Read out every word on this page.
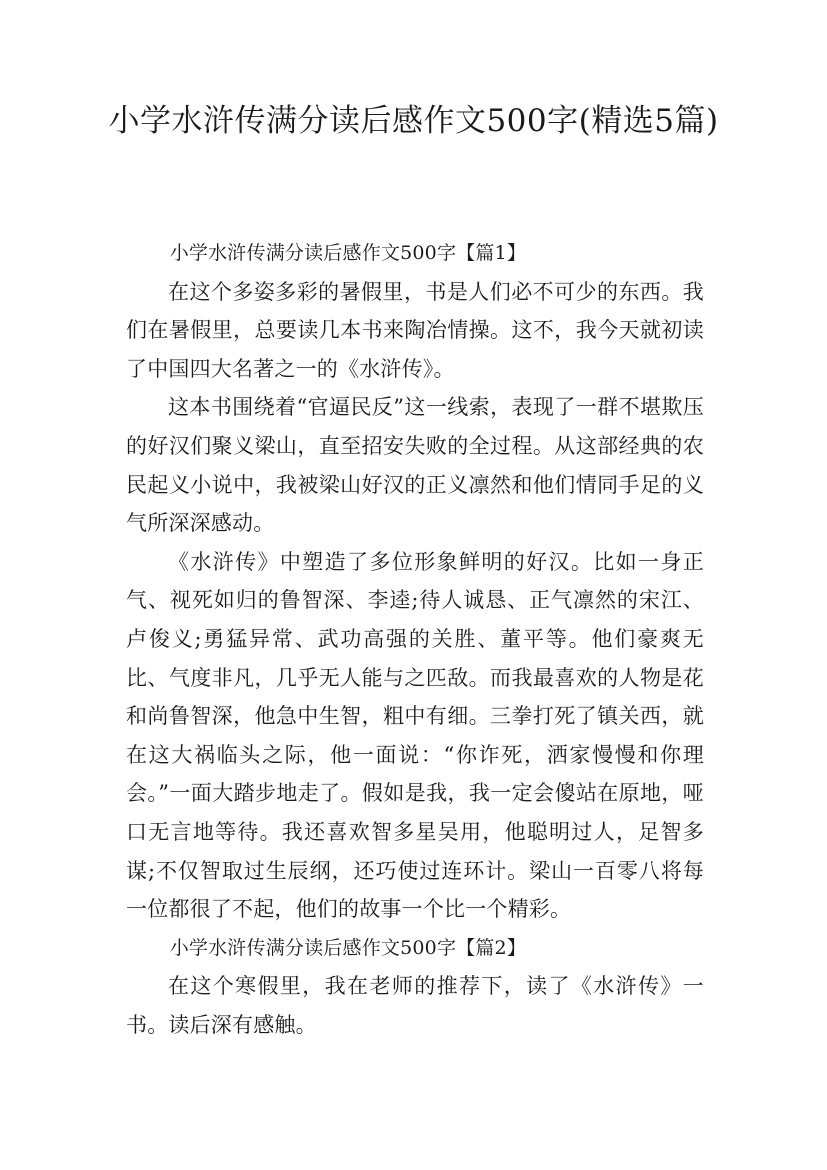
小学水浒传满分读后感作文500字(精选5篇)

小学水浒传满分读后感作文500字【篇1】

在这个多姿多彩的暑假里，书是人们必不可少的东西。我们在暑假里，总要读几本书来陶冶情操。这不，我今天就初读了中国四大名著之一的《水浒传》。

这本书围绕着“官逼民反”这一线索，表现了一群不堪欺压的好汉们聚义梁山，直至招安失败的全过程。从这部经典的农民起义小说中，我被梁山好汉的正义凛然和他们情同手足的义气所深深感动。

《水浒传》中塑造了多位形象鲜明的好汉。比如一身正气、视死如归的鲁智深、李逵;待人诚恳、正气凛然的宋江、卢俊义;勇猛异常、武功高强的关胜、董平等。他们豪爽无比、气度非凡，几乎无人能与之匹敌。而我最喜欢的人物是花和尚鲁智深，他急中生智，粗中有细。三拳打死了镇关西，就在这大祸临头之际，他一面说：“你诈死，洒家慢慢和你理会。”一面大踏步地走了。假如是我，我一定会傻站在原地，哑口无言地等待。我还喜欢智多星吴用，他聪明过人，足智多谋;不仅智取过生辰纲，还巧使过连环计。梁山一百零八将每一位都很了不起，他们的故事一个比一个精彩。

小学水浒传满分读后感作文500字【篇2】

在这个寒假里，我在老师的推荐下，读了《水浒传》一书。读后深有感触。
